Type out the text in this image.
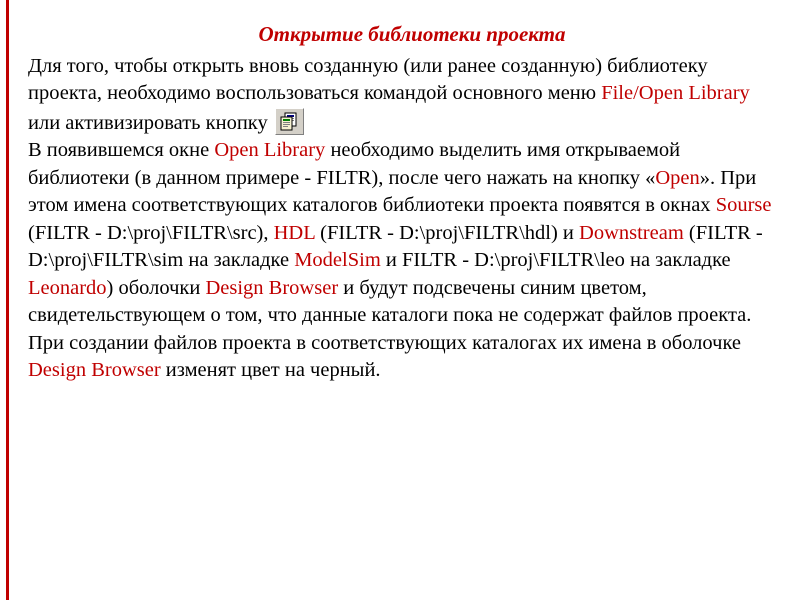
Открытие библиотеки проекта

Для того, чтобы открыть вновь созданную (или ранее созданную) библиотеку проекта, необходимо воспользоваться командой основного меню File/Open Library или активизировать кнопку

В появившемся окне Open Library необходимо выделить имя открываемой библиотеки (в данном примере - FILTR), после чего нажать на кнопку «Open». При этом имена соответствующих каталогов библиотеки проекта появятся в окнах Sourse (FILTR - D:\proj\FILTR\src), HDL (FILTR - D:\proj\FILTR\hdl) и Downstream (FILTR - D:\proj\FILTR\sim на закладке ModelSim и FILTR - D:\proj\FILTR\leo на закладке Leonardo) оболочки Design Browser и будут подсвечены синим цветом, свидетельствующем о том, что данные каталоги пока не содержат файлов проекта. При создании файлов проекта в соответствующих каталогах их имена в оболочке Design Browser изменят цвет на черный.
